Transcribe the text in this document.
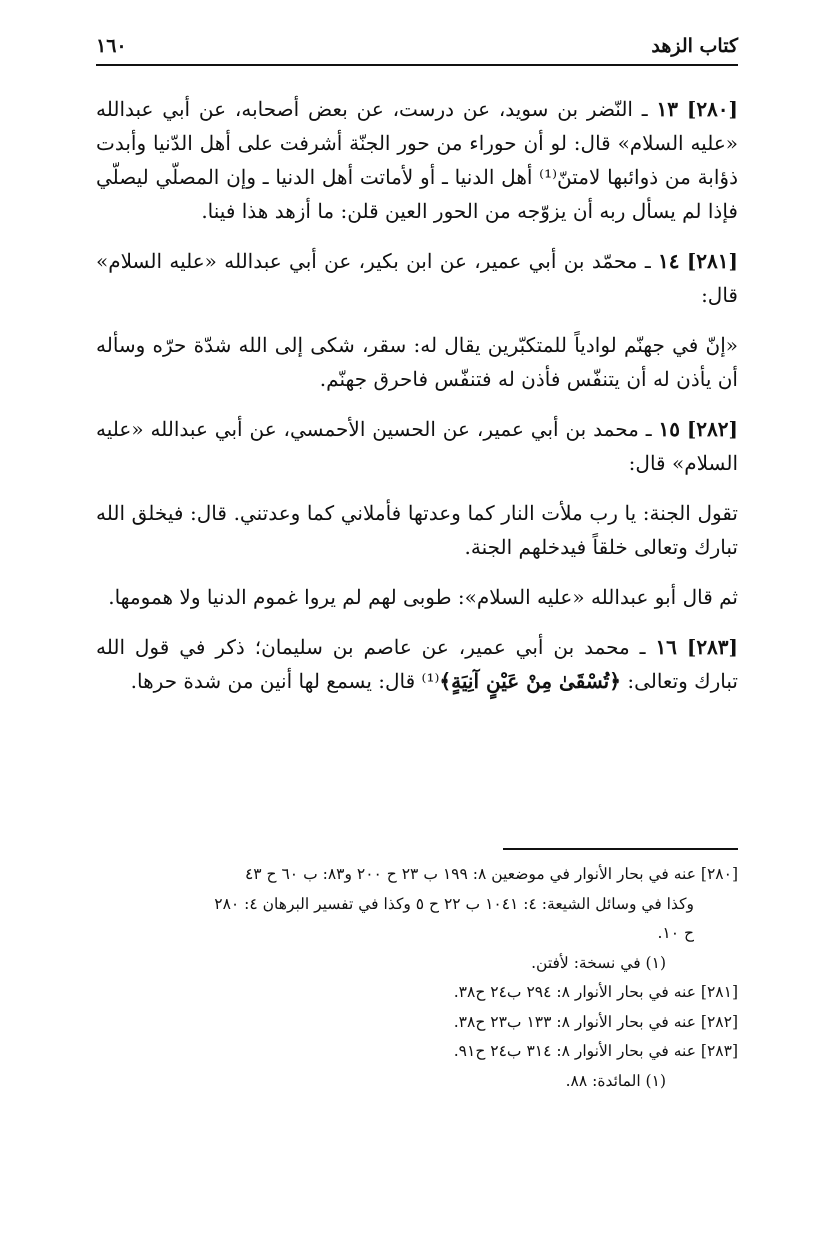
كتاب الزهد
١٦٠

[٢٨٠] ١٣ ـ النّضر بن سويد، عن درست، عن بعض أصحابه، عن أبي عبدالله «عليه السلام» قال: لو أن حوراء من حور الجنّة أشرفت على أهل الدّنيا وأبدت ذؤابة من ذوائبها لامتنّ⁽¹⁾ أهل الدنيا ـ أو لأماتت أهل الدنيا ـ وإن المصلّي ليصلّي فإذا لم يسأل ربه أن يزوّجه من الحور العين قلن: ما أزهد هذا فينا.

[٢٨١] ١٤ ـ محمّد بن أبي عمير، عن ابن بكير، عن أبي عبدالله «عليه السلام» قال:

«إنّ في جهنّم لوادياً للمتكبّرين يقال له: سقر، شكى إلى الله شدّة حرّه وسأله أن يأذن له أن يتنفّس فأذن له فتنفّس فاحرق جهنّم.

[٢٨٢] ١٥ ـ محمد بن أبي عمير، عن الحسين الأحمسي، عن أبي عبدالله «عليه السلام» قال:

تقول الجنة: يا رب ملأت النار كما وعدتها فأملاني كما وعدتني. قال: فيخلق الله تبارك وتعالى خلقاً فيدخلهم الجنة.

ثم قال أبو عبدالله «عليه السلام»: طوبى لهم لم يروا غموم الدنيا ولا همومها.

[٢٨٣] ١٦ ـ محمد بن أبي عمير، عن عاصم بن سليمان؛ ذكر في قول الله تبارك وتعالى: ﴿تُسْقَىٰ مِنْ عَيْنٍ آنِيَةٍ﴾⁽¹⁾ قال: يسمع لها أنين من شدة حرها.

[٢٨٠] عنه في بحار الأنوار في موضعين ٨: ١٩٩ ب ٢٣ ح ٢٠٠ و٨٣: ب ٦٠ ح ٤٣

وكذا في وسائل الشيعة: ٤: ١٠٤١ ب ٢٢ ح ٥ وكذا في تفسير البرهان ٤: ٢٨٠

ح ١٠.

(١) في نسخة: لأفتن.

[٢٨١] عنه في بحار الأنوار ٨: ٢٩٤ ب٢٤ ح٣٨.

[٢٨٢] عنه في بحار الأنوار ٨: ١٣٣ ب٢٣ ح٣٨.

[٢٨٣] عنه في بحار الأنوار ٨: ٣١٤ ب٢٤ ح٩١.

(١) المائدة: ٨٨.
